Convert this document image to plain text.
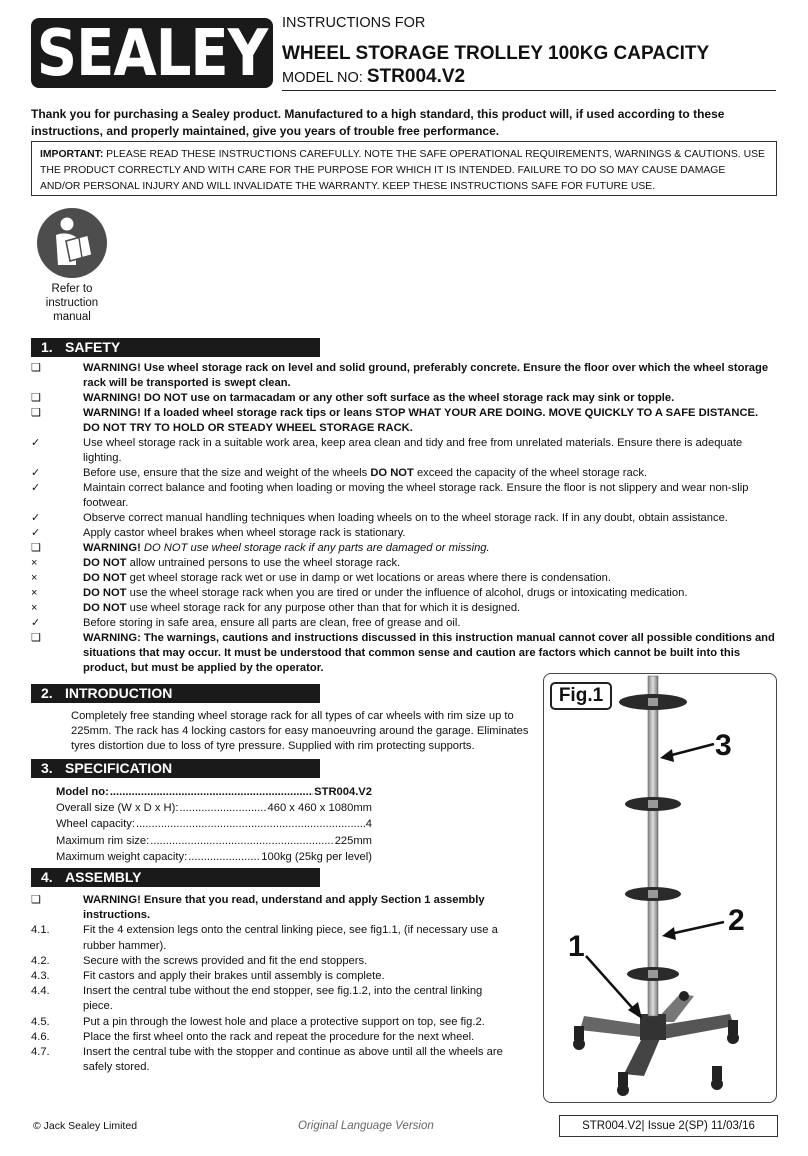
SEALEY INSTRUCTIONS FOR
WHEEL STORAGE TROLLEY 100KG CAPACITY
MODEL NO: STR004.V2
Thank you for purchasing a Sealey product. Manufactured to a high standard, this product will, if used according to these instructions, and properly maintained, give you years of trouble free performance.
IMPORTANT: PLEASE READ THESE INSTRUCTIONS CAREFULLY. NOTE THE SAFE OPERATIONAL REQUIREMENTS, WARNINGS & CAUTIONS. USE THE PRODUCT CORRECTLY AND WITH CARE FOR THE PURPOSE FOR WHICH IT IS INTENDED. FAILURE TO DO SO MAY CAUSE DAMAGE AND/OR PERSONAL INJURY AND WILL INVALIDATE THE WARRANTY. KEEP THESE INSTRUCTIONS SAFE FOR FUTURE USE.
Refer to instruction manual
1. SAFETY
❑	WARNING! Use wheel storage rack on level and solid ground, preferably concrete. Ensure the floor over which the wheel storage rack will be transported is swept clean.
❑	WARNING! DO NOT use on tarmacadam or any other soft surface as the wheel storage rack may sink or topple.
❑	WARNING! If a loaded wheel storage rack tips or leans STOP WHAT YOUR ARE DOING. MOVE QUICKLY TO A SAFE DISTANCE. DO NOT TRY TO HOLD OR STEADY WHEEL STORAGE RACK.
✓	Use wheel storage rack in a suitable work area, keep area clean and tidy and free from unrelated materials. Ensure there is adequate lighting.
✓	Before use, ensure that the size and weight of the wheels DO NOT exceed the capacity of the wheel storage rack.
✓	Maintain correct balance and footing when loading or moving the wheel storage rack. Ensure the floor is not slippery and wear non-slip footwear.
✓	Observe correct manual handling techniques when loading wheels on to the wheel storage rack. If in any doubt, obtain assistance.
✓	Apply castor wheel brakes when wheel storage rack is stationary.
❑	WARNING! DO NOT use wheel storage rack if any parts are damaged or missing.
×	DO NOT allow untrained persons to use the wheel storage rack.
×	DO NOT get wheel storage rack wet or use in damp or wet locations or areas where there is condensation.
×	DO NOT use the wheel storage rack when you are tired or under the influence of alcohol, drugs or intoxicating medication.
×	DO NOT use wheel storage rack for any purpose other than that for which it is designed.
✓	Before storing in safe area, ensure all parts are clean, free of grease and oil.
❑	WARNING: The warnings, cautions and instructions discussed in this instruction manual cannot cover all possible conditions and situations that may occur. It must be understood that common sense and caution are factors which cannot be built into this product, but must be applied by the operator.
2. INTRODUCTION
Completely free standing wheel storage rack for all types of car wheels with rim size up to 225mm. The rack has 4 locking castors for easy manoeuvring around the garage. Eliminates tyres distortion due to loss of tyre pressure. Supplied with rim protecting supports.
3. SPECIFICATION
Model no: .....	STR004.V2
Overall size (W x D x H): .....	460 x 460 x 1080mm
Wheel capacity: .....	4
Maximum rim size: .....	225mm
Maximum weight capacity: .....	100kg (25kg per level)
4. ASSEMBLY
❑	WARNING! Ensure that you read, understand and apply Section 1 assembly instructions.
4.1.	Fit the 4 extension legs onto the central linking piece, see fig1.1, (if necessary use a rubber hammer).
4.2.	Secure with the screws provided and fit the end stoppers.
4.3.	Fit castors and apply their brakes until assembly is complete.
4.4.	Insert the central tube without the end stopper, see fig.1.2, into the central linking piece.
4.5.	Put a pin through the lowest hole and place a protective support on top, see fig.2.
4.6.	Place the first wheel onto the rack and repeat the procedure for the next wheel.
4.7.	Insert the central tube with the stopper and continue as above until all the wheels are safely stored.
Fig.1
3
2
1
© Jack Sealey Limited	Original Language Version	STR004.V2| Issue 2(SP) 11/03/16
